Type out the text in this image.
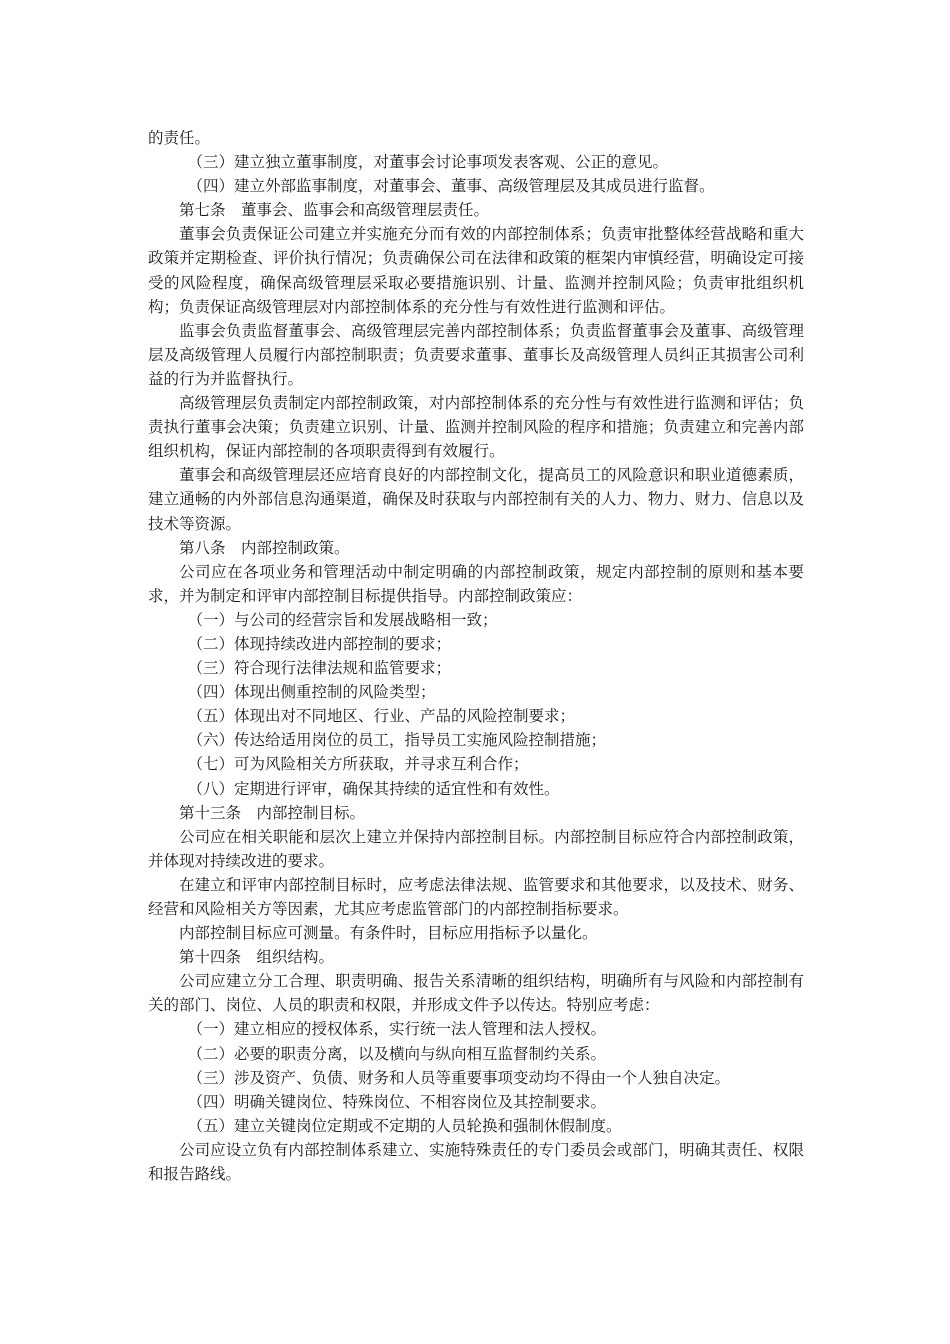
的责任。

（三）建立独立董事制度，对董事会讨论事项发表客观、公正的意见。

（四）建立外部监事制度，对董事会、董事、高级管理层及其成员进行监督。

第七条　董事会、监事会和高级管理层责任。

董事会负责保证公司建立并实施充分而有效的内部控制体系；负责审批整体经营战略和重大政策并定期检查、评价执行情况；负责确保公司在法律和政策的框架内审慎经营，明确设定可接受的风险程度，确保高级管理层采取必要措施识别、计量、监测并控制风险；负责审批组织机构；负责保证高级管理层对内部控制体系的充分性与有效性进行监测和评估。

监事会负责监督董事会、高级管理层完善内部控制体系；负责监督董事会及董事、高级管理层及高级管理人员履行内部控制职责；负责要求董事、董事长及高级管理人员纠正其损害公司利益的行为并监督执行。

高级管理层负责制定内部控制政策，对内部控制体系的充分性与有效性进行监测和评估；负责执行董事会决策；负责建立识别、计量、监测并控制风险的程序和措施；负责建立和完善内部组织机构，保证内部控制的各项职责得到有效履行。

董事会和高级管理层还应培育良好的内部控制文化，提高员工的风险意识和职业道德素质，建立通畅的内外部信息沟通渠道，确保及时获取与内部控制有关的人力、物力、财力、信息以及技术等资源。

第八条　内部控制政策。

公司应在各项业务和管理活动中制定明确的内部控制政策，规定内部控制的原则和基本要求，并为制定和评审内部控制目标提供指导。内部控制政策应：

（一）与公司的经营宗旨和发展战略相一致；

（二）体现持续改进内部控制的要求；

（三）符合现行法律法规和监管要求；

（四）体现出侧重控制的风险类型；

（五）体现出对不同地区、行业、产品的风险控制要求；

（六）传达给适用岗位的员工，指导员工实施风险控制措施；

（七）可为风险相关方所获取，并寻求互利合作；

（八）定期进行评审，确保其持续的适宜性和有效性。

第十三条　内部控制目标。

公司应在相关职能和层次上建立并保持内部控制目标。内部控制目标应符合内部控制政策，并体现对持续改进的要求。

在建立和评审内部控制目标时，应考虑法律法规、监管要求和其他要求，以及技术、财务、经营和风险相关方等因素，尤其应考虑监管部门的内部控制指标要求。

内部控制目标应可测量。有条件时，目标应用指标予以量化。

第十四条　组织结构。

公司应建立分工合理、职责明确、报告关系清晰的组织结构，明确所有与风险和内部控制有关的部门、岗位、人员的职责和权限，并形成文件予以传达。特别应考虑：

（一）建立相应的授权体系，实行统一法人管理和法人授权。

（二）必要的职责分离，以及横向与纵向相互监督制约关系。

（三）涉及资产、负债、财务和人员等重要事项变动均不得由一个人独自决定。

（四）明确关键岗位、特殊岗位、不相容岗位及其控制要求。

（五）建立关键岗位定期或不定期的人员轮换和强制休假制度。

公司应设立负有内部控制体系建立、实施特殊责任的专门委员会或部门，明确其责任、权限和报告路线。
